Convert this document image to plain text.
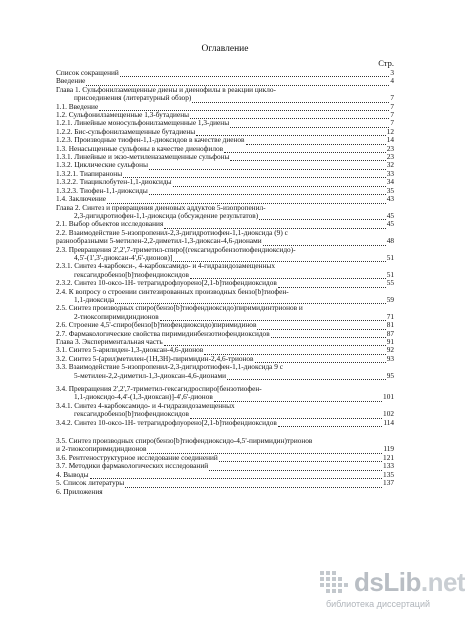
Оглавление
Стр.
Список сокращений	3
Введение	4
Глава 1. Сульфонилзамещенные диены и диенофилы в реакции цикло-
присоединения (литературный обзор)	7
1.1. Введение	7
1.2. Сульфонилзамещенные 1,3-бутадиены	7
1.2.1. Линейные моносульфонилзамещенные 1,3-диены	7
1.2.2. Бис-сульфонилзамещенные бутадиены	12
1.2.3. Производные тиофен-1,1-диоксидов в качестве диенов	14
1.3. Ненасыщенные сульфоны в качестве диенофилов	23
1.3.1. Линейные и экзо-метиленазамещенные сульфоны	23
1.3.2. Циклические сульфоны	32
1.3.2.1. Тиапираноны	33
1.3.2.2. Тиациклобутен-1,1-диоксиды	34
1.3.2.3. Тиофен-1,1-диоксиды	35
1.4. Заключение	43
Глава 2. Синтез и превращения диеновых аддуктов 5-изопропенил-
2,3-дигидротиофен-1,1-диоксида (обсуждение результатов)	45
2.1. Выбор объектов исследования	45
2.2. Взаимодействие 5-изопропенил-2,3-дигидротиофен-1,1-диоксида (9) с
разнообразными 5-метилен-2,2-диметил-1,3-диоксан-4,6-дионами	48
2.3. Превращения 2',2',7-триметил-спиро[(гексагидробензотиофендиоксидо)-
4,5'-(1',3'-диоксан-4',6'-дионов)]	51
2.3.1. Синтез 4-карбокси-, 4-карбоксамидо- и 4-гидразидозамещенных
гексагидробензо[b]тиофендиоксидов	51
2.3.2. Синтез 10-оксо-1Н- тетрагидрофлуорено[2,1-b]тиофендиоксидов	55
2.4. К вопросу о строении синтезированных производных бензо[b]тиофен-
1,1-диоксида	59
2.5. Синтез производных спиро(бензо[b]тиофендиоксидо)пиримидинтрионов и
2-тиоксопиримидиндионов	71
2.6. Строение 4,5'-спиро(бензо[b]тиофендиоксидо)пиримидинов	81
2.7. Фармакологические свойства пиримидинбензотиофендиоксидов	87
Глава 3. Экспериментальная часть	91
3.1. Синтез 5-арилиден-1,3-диоксан-4,6-дионов	92
3.2. Синтез 5-(арил)метилен-(1Н,3Н)-пиримидин-2,4,6-трионов	93
3.3. Взаимодействие 5-изопропенил-2,3-дигидротиофен-1,1-диоксида 9 с
5-метилен-2,2-диметил-1,3-диоксан-4,6-дионами	95
3.4. Превращения 2',2',7-триметил-гексагидроспиро[бензотиофен-
1,1-диоксидо-4,4'-(1,3-диоксан)]-4',6'-дионов	101
3.4.1. Синтез 4-карбоксамидо- и 4-гидразидозамещенных
гексагидробензо[b]тиофендиоксидов	102
3.4.2. Синтез 10-оксо-1Н- тетрагидрофлуорено[2,1-b]тиофендиоксидов	114
3.5. Синтез производных спиро(бензо[b]тиофендиоксидо-4,5'-пиримидин)трионов
и 2-тиоксопиримидиндионов	119
3.6. Рентгеноструктурное исследование соединений	121
3.7. Методики фармакологических исследований	133
4. Выводы	135
5. Список литературы	137
6. Приложения
dsLib.net
библиотека диссертаций
